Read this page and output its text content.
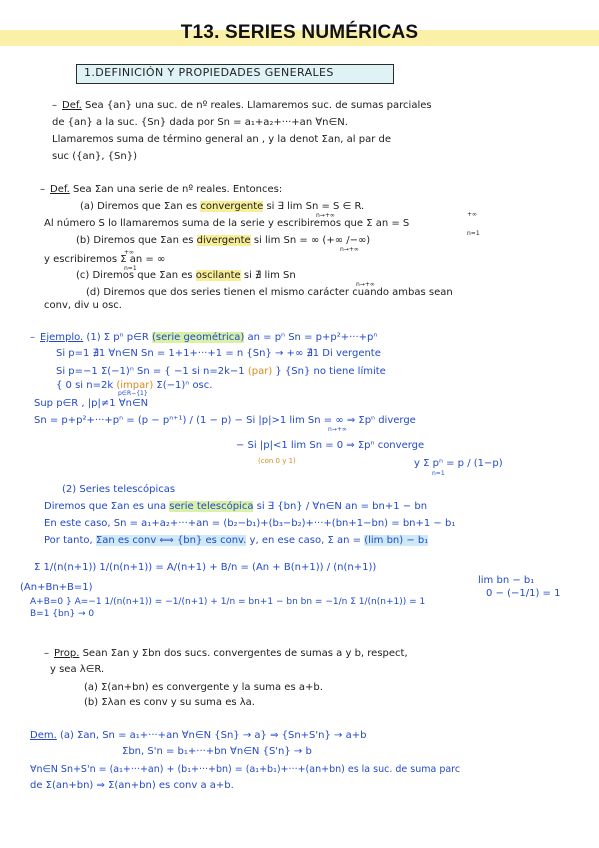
T13. SERIES NUMÉRICAS
1.DEFINICIÓN Y PROPIEDADES GENERALES
– Def. Sea {an} una suc. de nº reales. Llamaremos suc. de sumas parciales
de {an} a la suc. {Sn} dada por Sn = a₁+a₂+···+an ∀n∈N.
Llamaremos suma de término general an , y la denot Σan, al par de
suc ({an}, {Sn})
– Def. Sea Σan una serie de nº reales. Entonces:
(a) Diremos que Σan es convergente si ∃ lim Sn = S ∈ R.
n→+∞	+∞
Al número S lo llamaremos suma de la serie y escribiremos que Σ an = S
n=1
(b) Diremos que Σan es divergente si lim Sn = ∞ (+∞ /−∞)
n→+∞
+∞
y escribiremos Σ an = ∞
n=1
(c) Diremos que Σan es oscilante si ∄ lim Sn
n→+∞
(d) Diremos que dos series tienen el mismo carácter cuando ambas sean
conv, div u osc.
– Ejemplo. (1) Σ pⁿ p∈R (serie geométrica) an = pⁿ Sn = p+p²+···+pⁿ
Si p=1 ∄1 ∀n∈N Sn = 1+1+···+1 = n {Sn} → +∞ ∄1 Di vergente
Si p=−1 Σ(−1)ⁿ Sn = { −1 si n=2k−1 (par) } {Sn} no tiene límite
{ 0 si n=2k (impar) Σ(−1)ⁿ osc.
p∈R−{1}
Sup p∈R , |p|≠1 ∀n∈N
Sn = p+p²+···+pⁿ = (p − pⁿ⁺¹) / (1 − p) − Si |p|>1 lim Sn = ∞ ⇒ Σpⁿ diverge
n→+∞
− Si |p|<1 lim Sn = 0 ⇒ Σpⁿ converge
(con 0 y 1)	y Σ pⁿ = p / (1−p)
n=1
(2) Series telescópicas
Diremos que Σan es una serie telescópica si ∃ {bn} / ∀n∈N an = bn+1 − bn
En este caso, Sn = a₁+a₂+···+an = (b₂−b₁)+(b₃−b₂)+···+(bn+1−bn) = bn+1 − b₁
Por tanto, Σan es conv ⟺ {bn} es conv. y, en ese caso, Σ an = (lim bn) − b₁
Σ 1/(n(n+1)) 1/(n(n+1)) = A/(n+1) + B/n = (An + B(n+1)) / (n(n+1))
lim bn − b₁
(An+Bn+B=1)
A+B=0 } A=−1 1/(n(n+1)) = −1/(n+1) + 1/n = bn+1 − bn bn = −1/n Σ 1/(n(n+1)) = 1
0 − (−1/1) = 1
B=1 {bn} → 0
– Prop. Sean Σan y Σbn dos sucs. convergentes de sumas a y b, respect,
y sea λ∈R.
(a) Σ(an+bn) es convergente y la suma es a+b.
(b) Σλan es conv y su suma es λa.
Dem. (a) Σan, Sn = a₁+···+an ∀n∈N {Sn} → a} ⇒ {Sn+S'n} → a+b
Σbn, S'n = b₁+···+bn ∀n∈N {S'n} → b
∀n∈N Sn+S'n = (a₁+···+an) + (b₁+···+bn) = (a₁+b₁)+···+(an+bn) es la suc. de suma parc
de Σ(an+bn) ⇒ Σ(an+bn) es conv a a+b.
